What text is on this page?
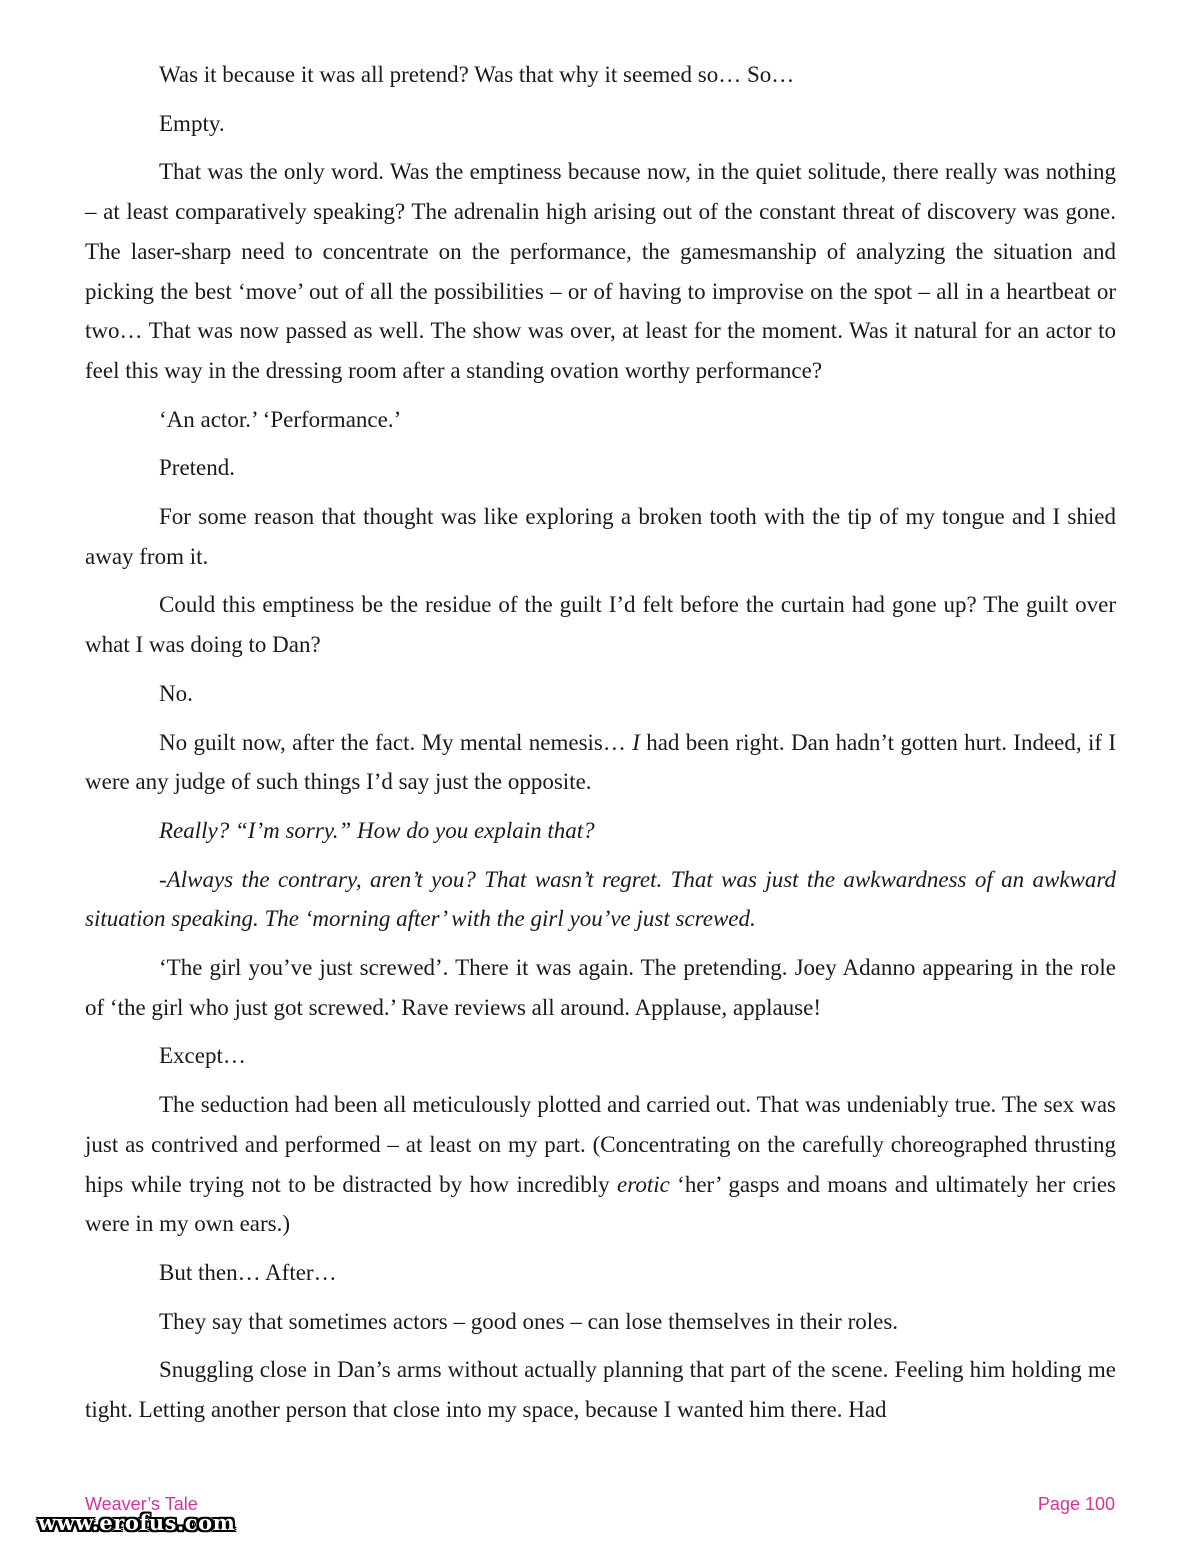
Was it because it was all pretend? Was that why it seemed so… So…

Empty.

That was the only word. Was the emptiness because now, in the quiet solitude, there really was nothing – at least comparatively speaking? The adrenalin high arising out of the constant threat of discovery was gone. The laser-sharp need to concentrate on the performance, the gamesmanship of analyzing the situation and picking the best ‘move’ out of all the possibilities – or of having to improvise on the spot – all in a heartbeat or two… That was now passed as well. The show was over, at least for the moment. Was it natural for an actor to feel this way in the dressing room after a standing ovation worthy performance?

‘An actor.’ ‘Performance.’

Pretend.

For some reason that thought was like exploring a broken tooth with the tip of my tongue and I shied away from it.

Could this emptiness be the residue of the guilt I’d felt before the curtain had gone up? The guilt over what I was doing to Dan?

No.

No guilt now, after the fact. My mental nemesis… I had been right. Dan hadn’t gotten hurt. Indeed, if I were any judge of such things I’d say just the opposite.

Really? “I’m sorry.” How do you explain that?

-Always the contrary, aren’t you? That wasn’t regret. That was just the awkwardness of an awkward situation speaking. The ‘morning after’ with the girl you’ve just screwed.

‘The girl you’ve just screwed’. There it was again. The pretending. Joey Adanno appearing in the role of ‘the girl who just got screwed.’ Rave reviews all around. Applause, applause!

Except…

The seduction had been all meticulously plotted and carried out. That was undeniably true. The sex was just as contrived and performed – at least on my part. (Concentrating on the carefully choreographed thrusting hips while trying not to be distracted by how incredibly erotic ‘her’ gasps and moans and ultimately her cries were in my own ears.)

But then… After…

They say that sometimes actors – good ones – can lose themselves in their roles.

Snuggling close in Dan’s arms without actually planning that part of the scene. Feeling him holding me tight. Letting another person that close into my space, because I wanted him there. Had

Weaver’s Tale	Page 100
www.erofus.com
